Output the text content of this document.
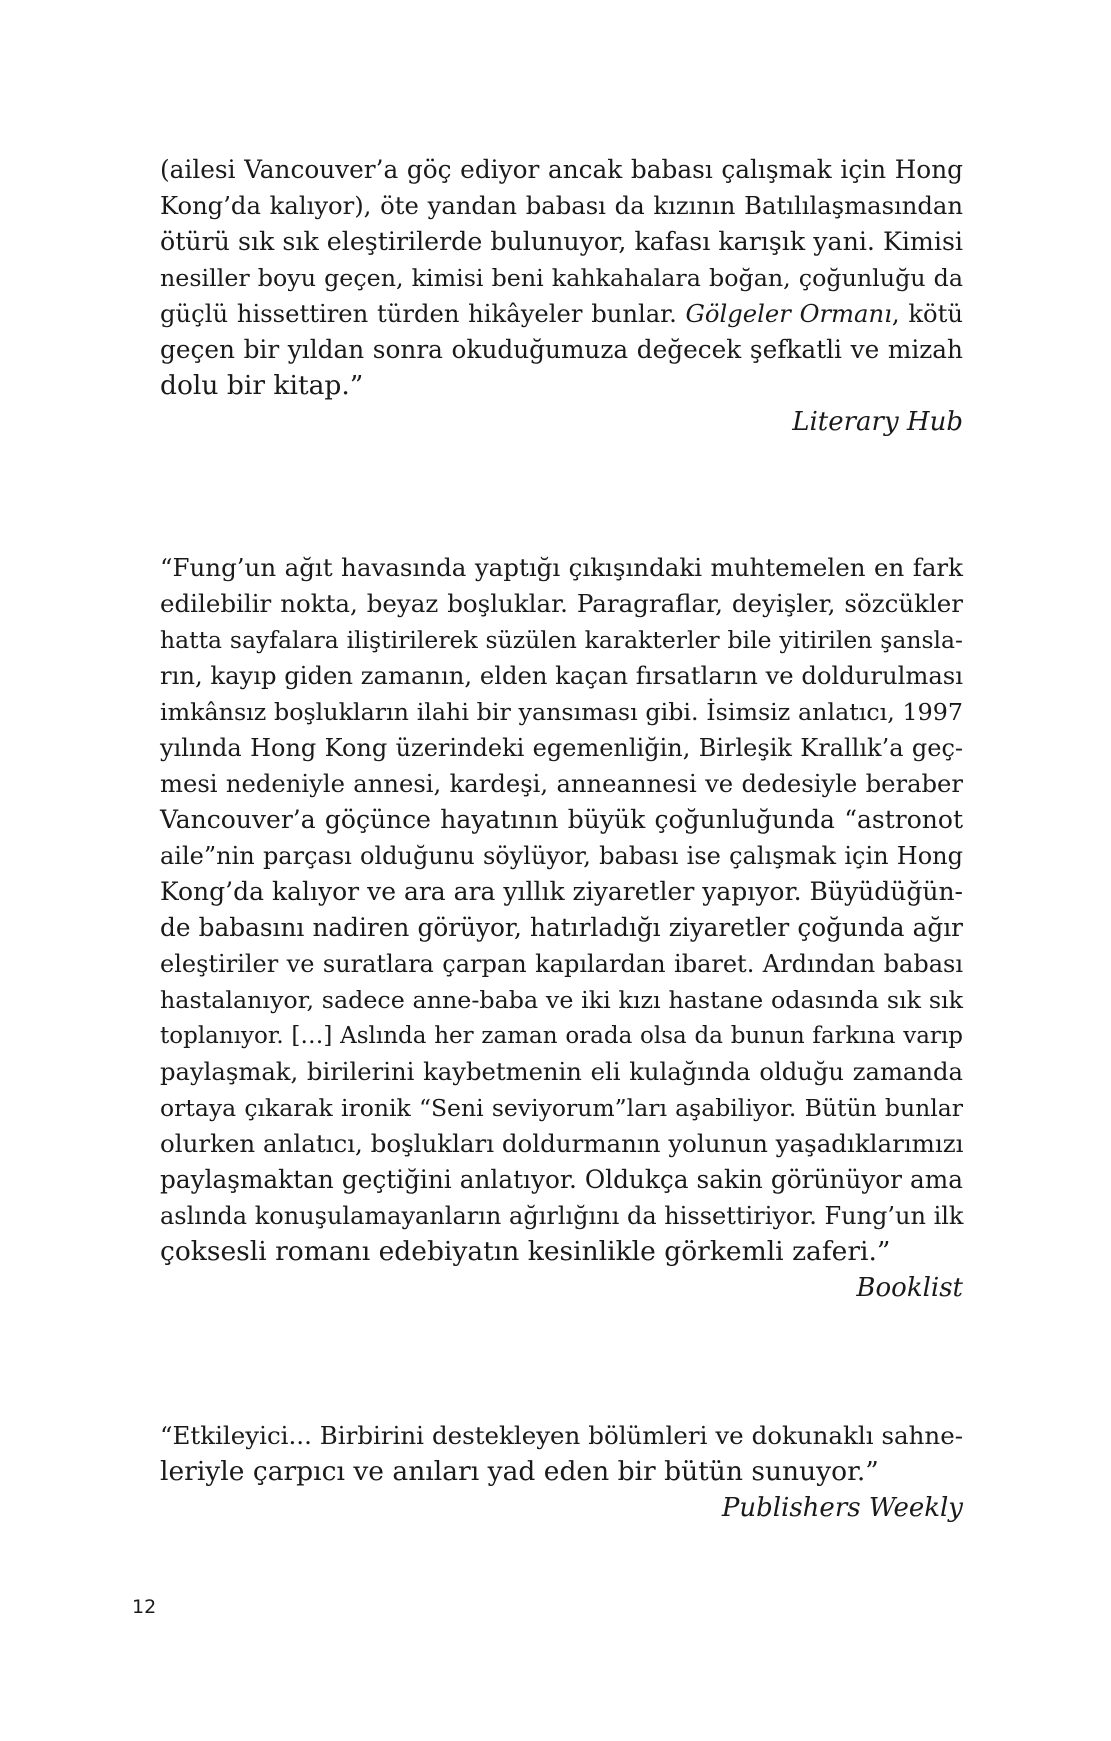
(ailesi Vancouver’a göç ediyor ancak babası çalışmak için Hong
Kong’da kalıyor), öte yandan babası da kızının Batılılaşmasından
ötürü sık sık eleştirilerde bulunuyor, kafası karışık yani. Kimisi
nesiller boyu geçen, kimisi beni kahkahalara boğan, çoğunluğu da
güçlü hissettiren türden hikâyeler bunlar. Gölgeler Ormanı, kötü
geçen bir yıldan sonra okuduğumuza değecek şefkatli ve mizah
dolu bir kitap.”
Literary Hub
“Fung’un ağıt havasında yaptığı çıkışındaki muhtemelen en fark
edilebilir nokta, beyaz boşluklar. Paragraflar, deyişler, sözcükler
hatta sayfalara iliştirilerek süzülen karakterler bile yitirilen şansla-
rın, kayıp giden zamanın, elden kaçan fırsatların ve doldurulması
imkânsız boşlukların ilahi bir yansıması gibi. İsimsiz anlatıcı, 1997
yılında Hong Kong üzerindeki egemenliğin, Birleşik Krallık’a geç-
mesi nedeniyle annesi, kardeşi, anneannesi ve dedesiyle beraber
Vancouver’a göçünce hayatının büyük çoğunluğunda “astronot
aile”nin parçası olduğunu söylüyor, babası ise çalışmak için Hong
Kong’da kalıyor ve ara ara yıllık ziyaretler yapıyor. Büyüdüğün-
de babasını nadiren görüyor, hatırladığı ziyaretler çoğunda ağır
eleştiriler ve suratlara çarpan kapılardan ibaret. Ardından babası
hastalanıyor, sadece anne-baba ve iki kızı hastane odasında sık sık
toplanıyor. […] Aslında her zaman orada olsa da bunun farkına varıp
paylaşmak, birilerini kaybetmenin eli kulağında olduğu zamanda
ortaya çıkarak ironik “Seni seviyorum”ları aşabiliyor. Bütün bunlar
olurken anlatıcı, boşlukları doldurmanın yolunun yaşadıklarımızı
paylaşmaktan geçtiğini anlatıyor. Oldukça sakin görünüyor ama
aslında konuşulamayanların ağırlığını da hissettiriyor. Fung’un ilk
çoksesli romanı edebiyatın kesinlikle görkemli zaferi.”
Booklist
“Etkileyici... Birbirini destekleyen bölümleri ve dokunaklı sahne-
leriyle çarpıcı ve anıları yad eden bir bütün sunuyor.”
Publishers Weekly
12
